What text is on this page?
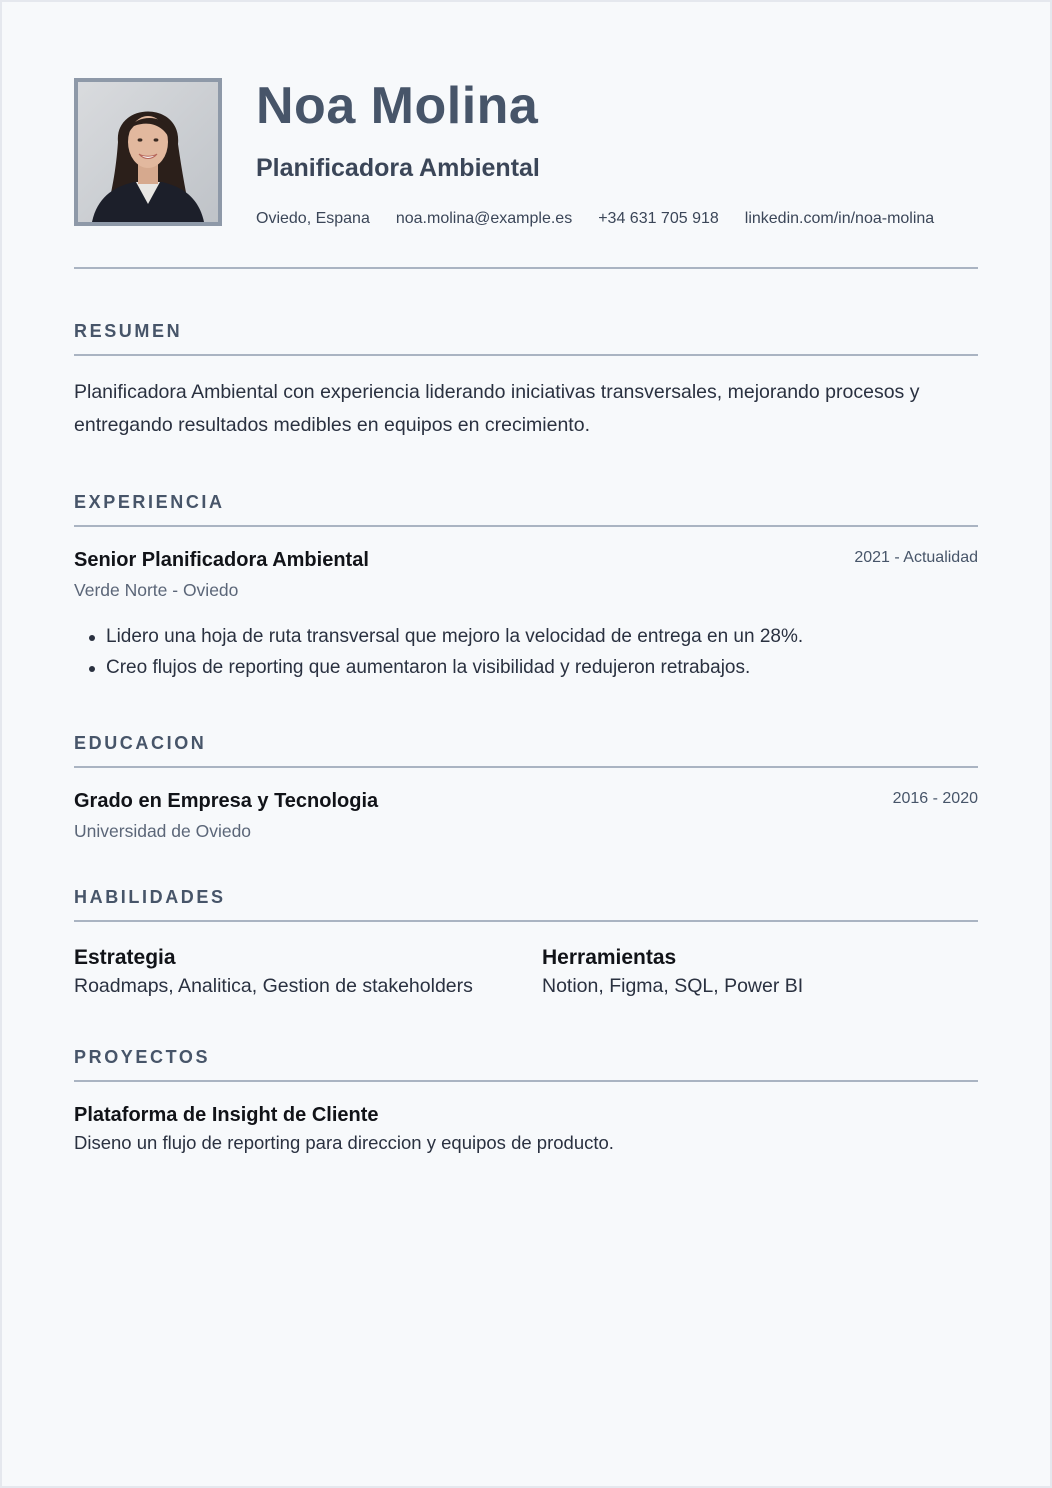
Noa Molina
Planificadora Ambiental
Oviedo, Espana noa.molina@example.es +34 631 705 918 linkedin.com/in/noa-molina
RESUMEN

Planificadora Ambiental con experiencia liderando iniciativas transversales, mejorando procesos y entregando resultados medibles en equipos en crecimiento.

EXPERIENCIA
Senior Planificadora Ambiental	2021 - Actualidad
Verde Norte - Oviedo
Lidero una hoja de ruta transversal que mejoro la velocidad de entrega en un 28%.
Creo flujos de reporting que aumentaron la visibilidad y redujeron retrabajos.
EDUCACION
Grado en Empresa y Tecnologia	2016 - 2020
Universidad de Oviedo
HABILIDADES
Estrategia
Roadmaps, Analitica, Gestion de stakeholders
Herramientas
Notion, Figma, SQL, Power BI
PROYECTOS
Plataforma de Insight de Cliente
Diseno un flujo de reporting para direccion y equipos de producto.
